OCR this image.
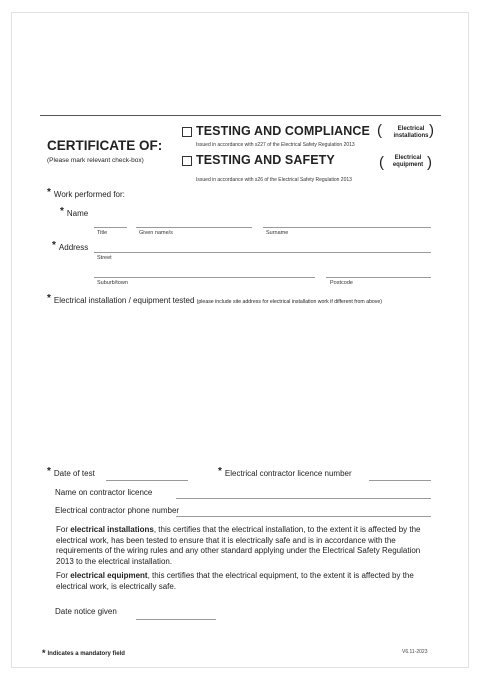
CERTIFICATE OF:
(Please mark relevant check-box)
TESTING AND COMPLIANCE (	Electrical
installations )
Issued in accordance with s227 of the Electrical Safety Regulation 2013
TESTING AND SAFETY	(	Electrical
equipment )
Issued in accordance with s26 of the Electrical Safety Regulation 2013
* Work performed for:
* Name
Title	Given name/s	Surname
* Address
Street
Suburb/town	Postcode
* Electrical installation / equipment tested (please include site address for electrical installation work if different from above)
* Date of test	* Electrical contractor licence number
Name on contractor licence
Electrical contractor phone number
For electrical installations, this certifies that the electrical installation, to the extent it is affected by the electrical work, has been tested to ensure that it is electrically safe and is in accordance with the requirements of the wiring rules and any other standard applying under the Electrical Safety Regulation 2013 to the electrical installation.
For electrical equipment, this certifies that the electrical equipment, to the extent it is affected by the electrical work, is electrically safe.
Date notice given
* Indicates a mandatory field	V6.11-2023
